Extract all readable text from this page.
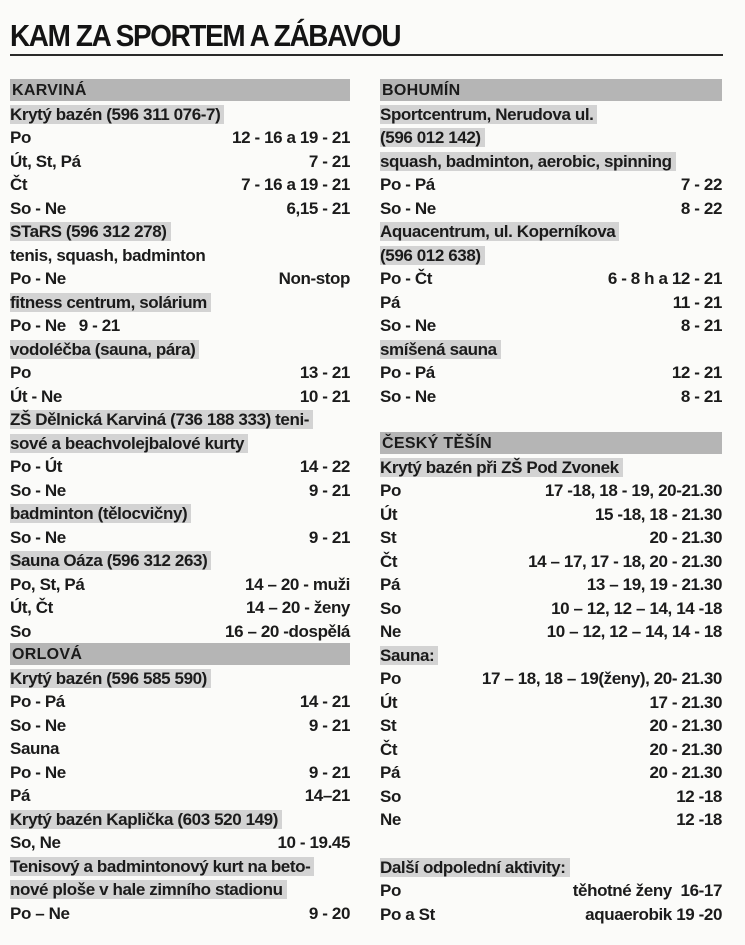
KAM ZA SPORTEM A ZÁBAVOU
KARVINÁ
Krytý bazén (596 311 076-7)
Po	12 - 16 a 19 - 21
Út, St, Pá	7 - 21
Čt	7 - 16 a 19 - 21
So - Ne	6,15 - 21
STaRS (596 312 278)
tenis, squash, badminton
Po - Ne	Non-stop
fitness centrum, solárium
Po - Ne   9 - 21
vodoléčba (sauna, pára)
Po	13 - 21
Út - Ne	10 - 21
ZŠ Dělnická Karviná (736 188 333) teni-
sové a beachvolejbalové kurty
Po - Út	14 - 22
So - Ne	9 - 21
badminton (tělocvičny)
So - Ne	9 - 21
Sauna Oáza (596 312 263)
Po, St, Pá	14 – 20 - muži
Út, Čt	14 – 20 - ženy
So	16 – 20 -dospělá
ORLOVÁ
Krytý bazén (596 585 590)
Po - Pá	14 - 21
So - Ne	9 - 21
Sauna
Po - Ne	9 - 21
Pá	14–21
Krytý bazén Kaplička (603 520 149)
So, Ne	10 - 19.45
Tenisový a badmintonový kurt na beto-
nové ploše v hale zimního stadionu
Po – Ne	9 - 20
BOHUMÍN
Sportcentrum, Nerudova ul.
(596 012 142)
squash, badminton, aerobic, spinning
Po - Pá	7 - 22
So - Ne	8 - 22
Aquacentrum, ul. Koperníkova
(596 012 638)
Po - Čt	6 - 8 h a 12 - 21
Pá	11 - 21
So - Ne	8 - 21
smíšená sauna
Po - Pá	12 - 21
So - Ne	8 - 21
ČESKÝ TĚŠÍN
Krytý bazén při ZŠ Pod Zvonek
Po	17 -18, 18 - 19, 20-21.30
Út	15 -18, 18 - 21.30
St	20 - 21.30
Čt	14 – 17, 17 - 18, 20 - 21.30
Pá	13 – 19, 19 - 21.30
So	10 – 12, 12 – 14, 14 -18
Ne	10 – 12, 12 – 14, 14 - 18
Sauna:
Po	17 – 18, 18 – 19(ženy), 20- 21.30
Út	17 - 21.30
St	20 - 21.30
Čt	20 - 21.30
Pá	20 - 21.30
So	12 -18
Ne	12 -18
Další odpolední aktivity:
Po	těhotné ženy  16-17
Po a St	aquaerobik 19 -20
